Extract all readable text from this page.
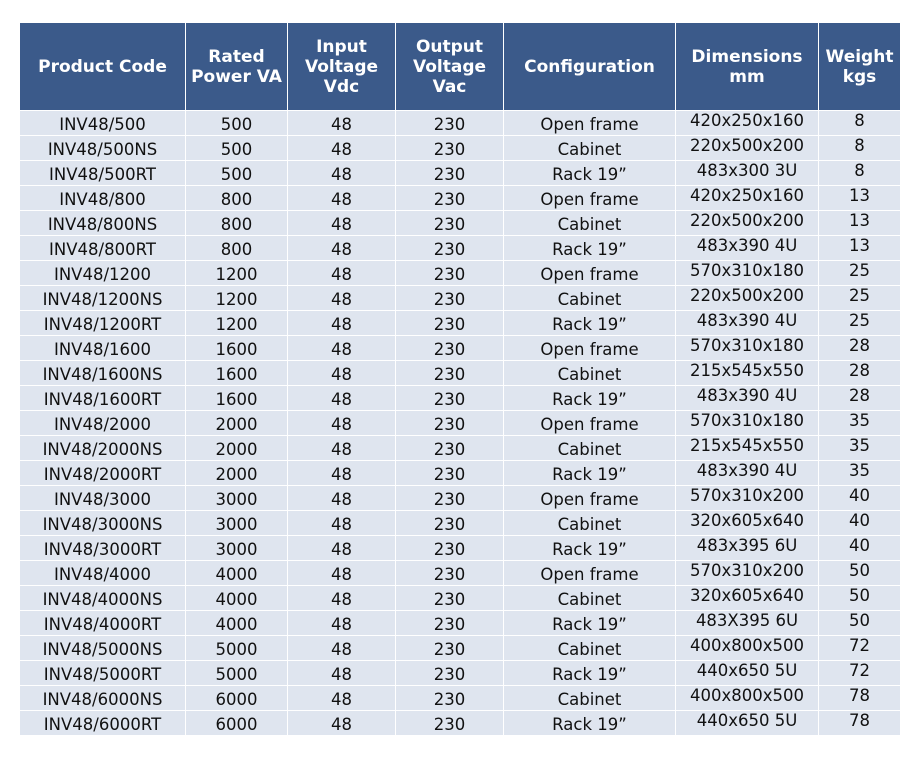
Product Code	Rated Power VA	Input Voltage Vdc	Output Voltage Vac	Configuration	Dimensions mm	Weight kgs
INV48/500	500	48	230	Open frame	420x250x160	8
INV48/500NS	500	48	230	Cabinet	220x500x200	8
INV48/500RT	500	48	230	Rack 19”	483x300 3U	8
INV48/800	800	48	230	Open frame	420x250x160	13
INV48/800NS	800	48	230	Cabinet	220x500x200	13
INV48/800RT	800	48	230	Rack 19”	483x390 4U	13
INV48/1200	1200	48	230	Open frame	570x310x180	25
INV48/1200NS	1200	48	230	Cabinet	220x500x200	25
INV48/1200RT	1200	48	230	Rack 19”	483x390 4U	25
INV48/1600	1600	48	230	Open frame	570x310x180	28
INV48/1600NS	1600	48	230	Cabinet	215x545x550	28
INV48/1600RT	1600	48	230	Rack 19”	483x390 4U	28
INV48/2000	2000	48	230	Open frame	570x310x180	35
INV48/2000NS	2000	48	230	Cabinet	215x545x550	35
INV48/2000RT	2000	48	230	Rack 19”	483x390 4U	35
INV48/3000	3000	48	230	Open frame	570x310x200	40
INV48/3000NS	3000	48	230	Cabinet	320x605x640	40
INV48/3000RT	3000	48	230	Rack 19”	483x395 6U	40
INV48/4000	4000	48	230	Open frame	570x310x200	50
INV48/4000NS	4000	48	230	Cabinet	320x605x640	50
INV48/4000RT	4000	48	230	Rack 19”	483X395 6U	50
INV48/5000NS	5000	48	230	Cabinet	400x800x500	72
INV48/5000RT	5000	48	230	Rack 19”	440x650 5U	72
INV48/6000NS	6000	48	230	Cabinet	400x800x500	78
INV48/6000RT	6000	48	230	Rack 19”	440x650 5U	78
